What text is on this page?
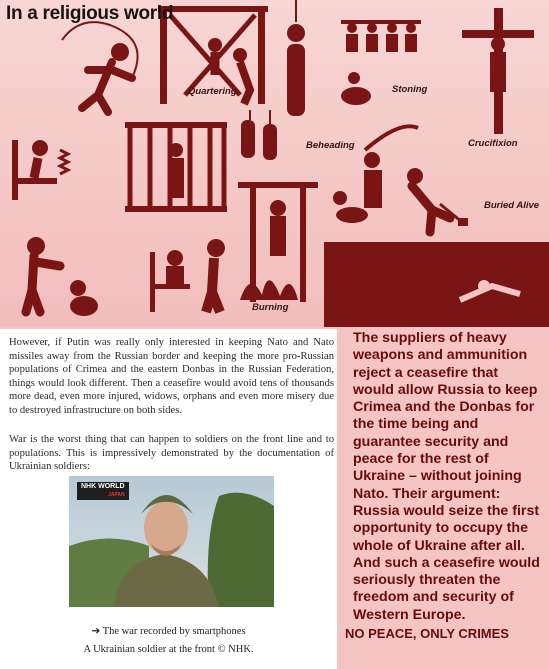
In a religious world
Quartering	Stoning
Crucifixion
Beheading
Buried Alive
Burning
However, if Putin was really only interested in keeping Nato and Nato missiles away from the Russian border and keeping the more pro-Russian populations of Crimea and the eastern Donbas in the Russian Federation, things would look different. Then a ceasefire would avoid tens of thousands more dead, even more injured, widows, orphans and even more misery due to destroyed infrastructure on both sides.
War is the worst thing that can happen to soldiers on the front line and to populations. This is impressively demonstrated by the documentation of Ukrainian soldiers:
NHK WORLD
JAPAN
➔ The war recorded by smartphones
A Ukrainian soldier at the front © NHK.
The suppliers of heavy weapons and ammunition reject a ceasefire that would allow Russia to keep Crimea and the Donbas for the time being and guarantee security and peace for the rest of Ukraine – without joining Nato. Their argument: Russia would seize the first opportunity to occupy the whole of Ukraine after all. And such a ceasefire would seriously threaten the freedom and security of Western Europe.
NO PEACE, ONLY CRIMES
